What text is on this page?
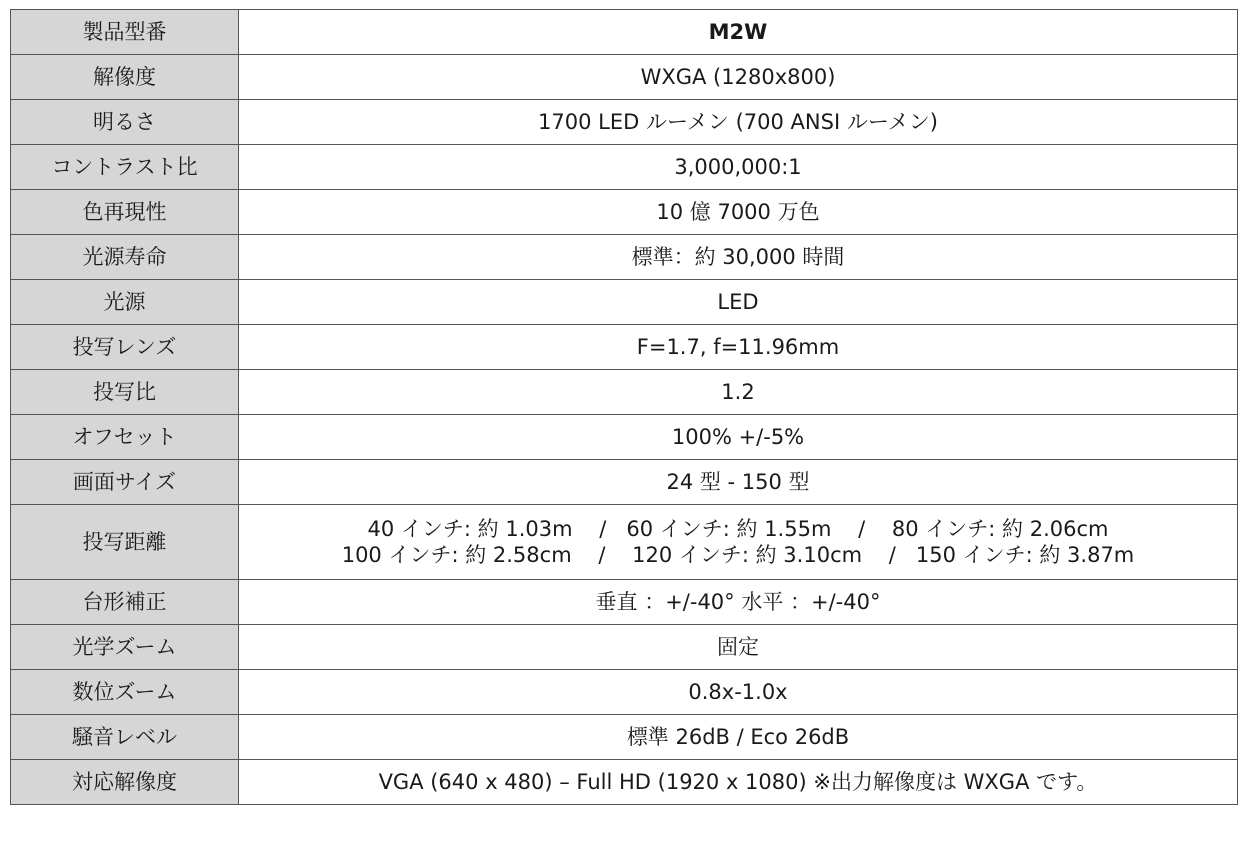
製品型番	M2W
解像度	WXGA (1280x800)
明るさ	1700 LED ルーメン (700 ANSI ルーメン)
コントラスト比	3,000,000:1
色再現性	10 億 7000 万色
光源寿命	標準：約 30,000 時間
光源	LED
投写レンズ	F=1.7, f=11.96mm
投写比	1.2
オフセット	100% +/-5%
画面サイズ	24 型 - 150 型
投写距離	40 インチ: 約 1.03m    /   60 インチ: 約 1.55m    /    80 インチ: 約 2.06cm
100 インチ: 約 2.58cm    /    120 インチ: 約 3.10cm    /   150 インチ: 約 3.87m

台形補正	垂直 ：+/-40° 水平 ：+/-40°
光学ズーム	固定
数位ズーム	0.8x-1.0x
騒音レベル	標準 26dB / Eco 26dB
対応解像度	VGA (640 x 480) – Full HD (1920 x 1080) ※出力解像度は WXGA です。
